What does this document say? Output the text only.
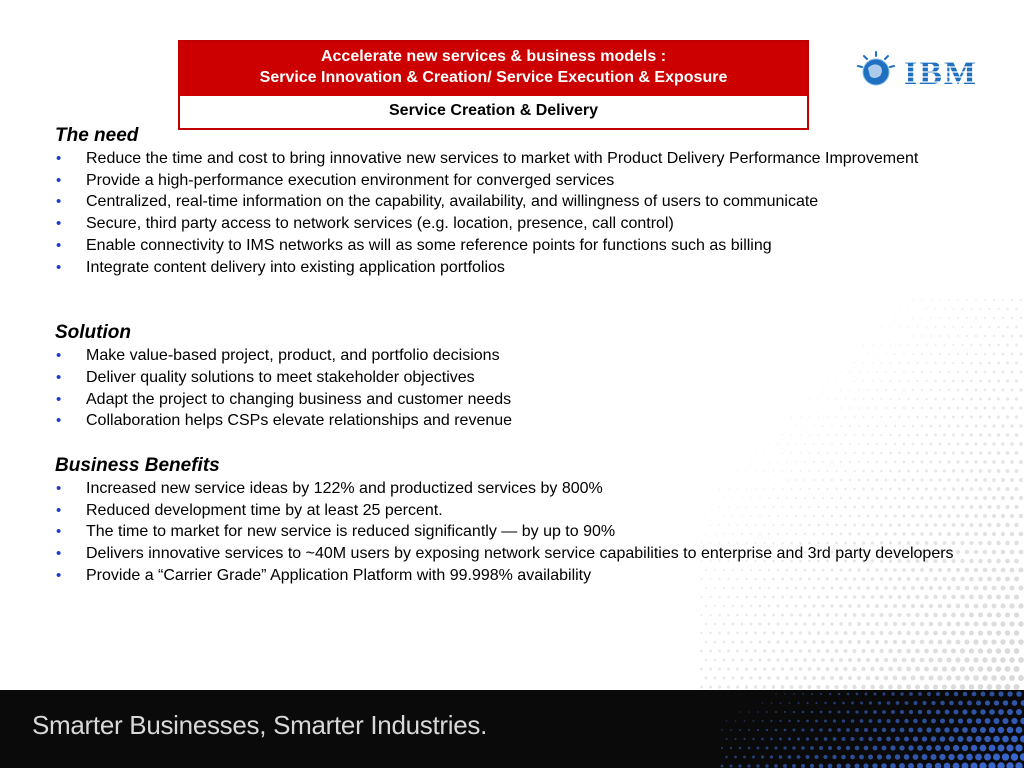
Accelerate new services & business models :
Service Innovation & Creation/ Service Execution & Exposure
Service Creation & Delivery
IBM
The need
• Reduce the time and cost to bring innovative new services to market with Product Delivery Performance Improvement
• Provide a high-performance execution environment for converged services
• Centralized, real-time information on the capability, availability, and willingness of users to communicate
• Secure, third party access to network services (e.g. location, presence, call control)
• Enable connectivity to IMS networks as will as some reference points for functions such as billing
• Integrate content delivery into existing application portfolios
Solution
• Make value-based project, product, and portfolio decisions
• Deliver quality solutions to meet stakeholder objectives
• Adapt the project to changing business and customer needs
• Collaboration helps CSPs elevate relationships and revenue
Business Benefits
• Increased new service ideas by 122% and productized services by 800%
• Reduced development time by at least 25 percent.
• The time to market for new service is reduced significantly — by up to 90%
• Delivers innovative services to ~40M users by exposing network service capabilities to enterprise and 3rd party developers
• Provide a “Carrier Grade” Application Platform with 99.998% availability
Smarter Businesses, Smarter Industries.
